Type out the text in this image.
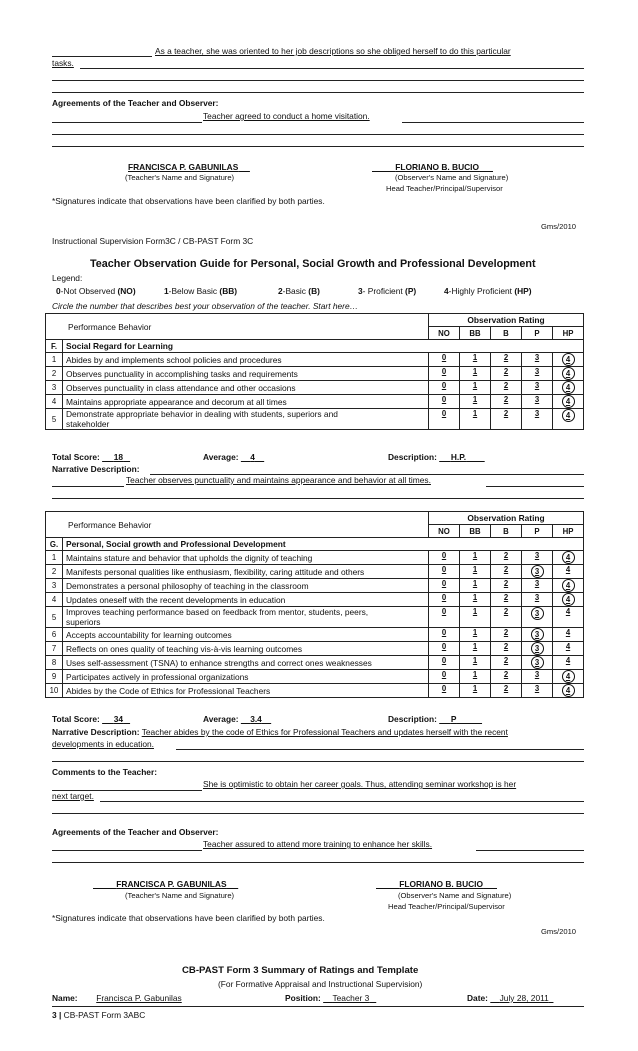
As a teacher, she was oriented to her job descriptions so she obliged herself to do this particular
tasks.
Agreements of the Teacher and Observer:
Teacher agreed to conduct a home visitation.
FRANCISCA P. GABUNILAS
(Teacher's Name and Signature)
FLORIANO B. BUCIO
(Observer's Name and Signature)
Head Teacher/Principal/Supervisor
*Signatures indicate that observations have been clarified by both parties.
Gms/2010
Instructional Supervision Form3C / CB-PAST Form 3C
Teacher Observation Guide for Personal, Social Growth and Professional Development
Legend:
0-Not Observed (NO)	1-Below Basic (BB)	2-Basic (B)	3- Proficient (P)	4-Highly Proficient (HP)
Circle the number that describes best your observation of the teacher. Start here…
Performance Behavior		Observation Rating				
		NO	BB	B	P	HP
F.	Social Regard for Learning					
1	Abides by and implements school policies and procedures	0	1	2	3	4
2	Observes punctuality in accomplishing tasks and requirements	0	1	2	3	4
3	Observes punctuality in class attendance and other occasions	0	1	2	3	4
4	Maintains appropriate appearance and decorum at all times	0	1	2	3	4
5	Demonstrate appropriate behavior in dealing with students, superiors and
stakeholder	0	1	2	3	4
Total Score: 18	Average: 4	Description: H.P.
Narrative Description:
Teacher observes punctuality and maintains appearance and behavior at all times.
Performance Behavior		Observation Rating				
		NO	BB	B	P	HP
G.	Personal, Social growth and Professional Development					
1	Maintains stature and behavior that upholds the dignity of teaching	0	1	2	3	4
2	Manifests personal qualities like enthusiasm, flexibility, caring attitude and others	0	1	2	3	4
3	Demonstrates a personal philosophy of teaching in the classroom	0	1	2	3	4
4	Updates oneself with the recent developments in education	0	1	2	3	4
5	Improves teaching performance based on feedback from mentor, students, peers,
superiors	0	1	2	3	4
6	Accepts accountability for learning outcomes	0	1	2	3	4
7	Reflects on ones quality of teaching vis-à-vis learning outcomes	0	1	2	3	4
8	Uses self-assessment (TSNA) to enhance strengths and correct ones weaknesses	0	1	2	3	4
9	Participates actively in professional organizations	0	1	2	3	4
10	Abides by the Code of Ethics for Professional Teachers	0	1	2	3	4
Total Score: 34	Average: 3.4	Description: P
Narrative Description: Teacher abides by the code of Ethics for Professional Teachers and updates herself with the recent
developments in education.
Comments to the Teacher:
She is optimistic to obtain her career goals. Thus, attending seminar workshop is her
next target.
Agreements of the Teacher and Observer:
Teacher assured to attend more training to enhance her skills.
FRANCISCA P. GABUNILAS
(Teacher's Name and Signature)
FLORIANO B. BUCIO
(Observer's Name and Signature)
Head Teacher/Principal/Supervisor
*Signatures indicate that observations have been clarified by both parties.
Gms/2010
CB-PAST Form 3 Summary of Ratings and Template
(For Formative Appraisal and Instructional Supervision)
Name: Francisca P. Gabunilas	Position: Teacher 3	Date: July 28, 2011
3 | CB-PAST Form 3ABC
